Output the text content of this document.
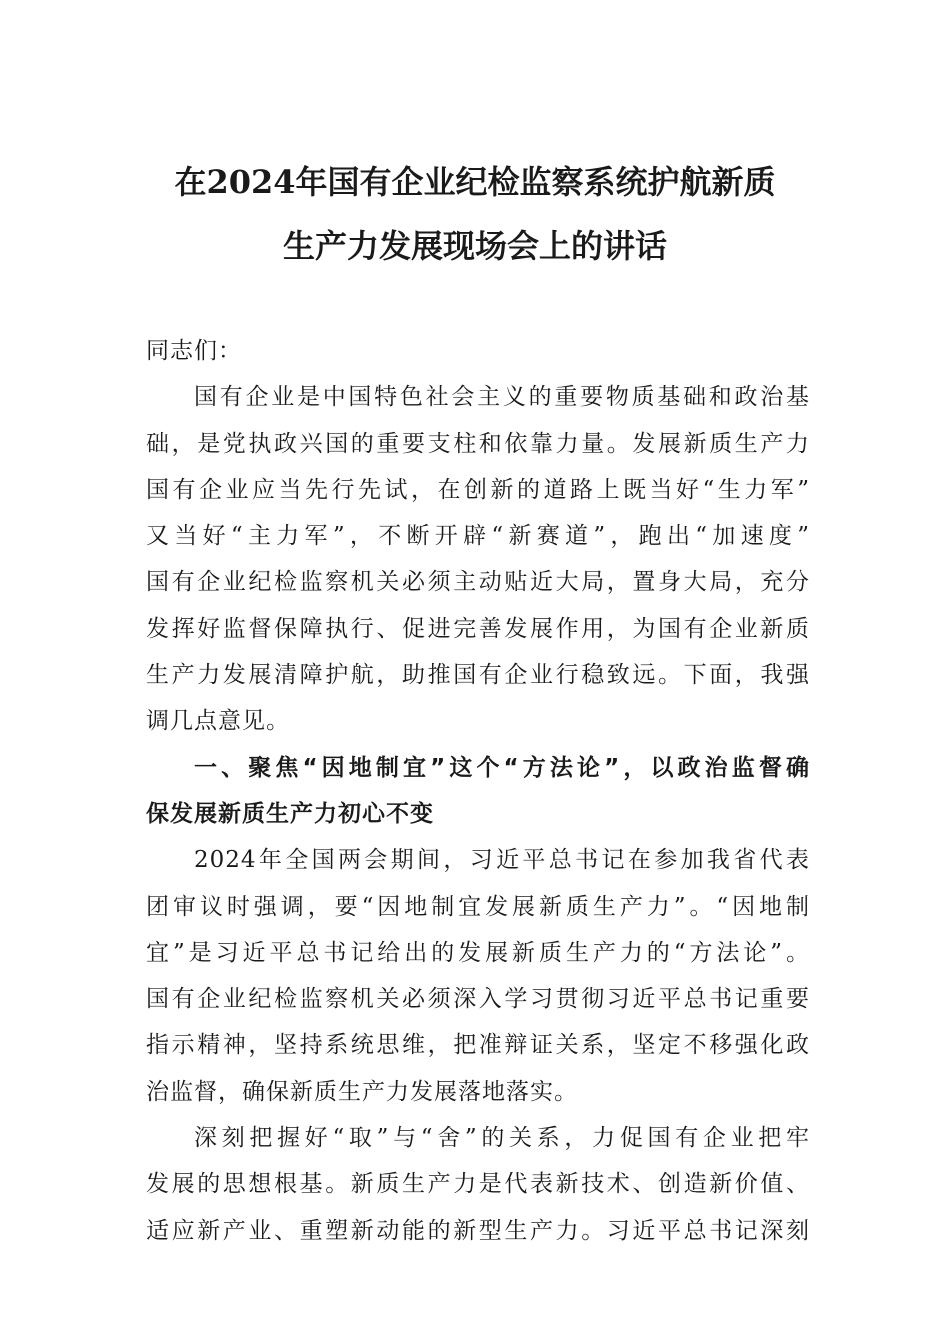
在2024年国有企业纪检监察系统护航新质
生产力发展现场会上的讲话
同志们：
国有企业是中国特色社会主义的重要物质基础和政治基
础，是党执政兴国的重要支柱和依靠力量。发展新质生产力
国有企业应当先行先试，在创新的道路上既当好“生力军”
又当好“主力军”，不断开辟“新赛道”，跑出“加速度”
国有企业纪检监察机关必须主动贴近大局，置身大局，充分
发挥好监督保障执行、促进完善发展作用，为国有企业新质
生产力发展清障护航，助推国有企业行稳致远。下面，我强
调几点意见。
一、聚焦“因地制宜”这个“方法论”，以政治监督确
保发展新质生产力初心不变
2024年全国两会期间，习近平总书记在参加我省代表
团审议时强调，要“因地制宜发展新质生产力”。“因地制
宜”是习近平总书记给出的发展新质生产力的“方法论”。
国有企业纪检监察机关必须深入学习贯彻习近平总书记重要
指示精神，坚持系统思维，把准辩证关系，坚定不移强化政
治监督，确保新质生产力发展落地落实。
深刻把握好“取”与“舍”的关系，力促国有企业把牢
发展的思想根基。新质生产力是代表新技术、创造新价值、
适应新产业、重塑新动能的新型生产力。习近平总书记深刻
